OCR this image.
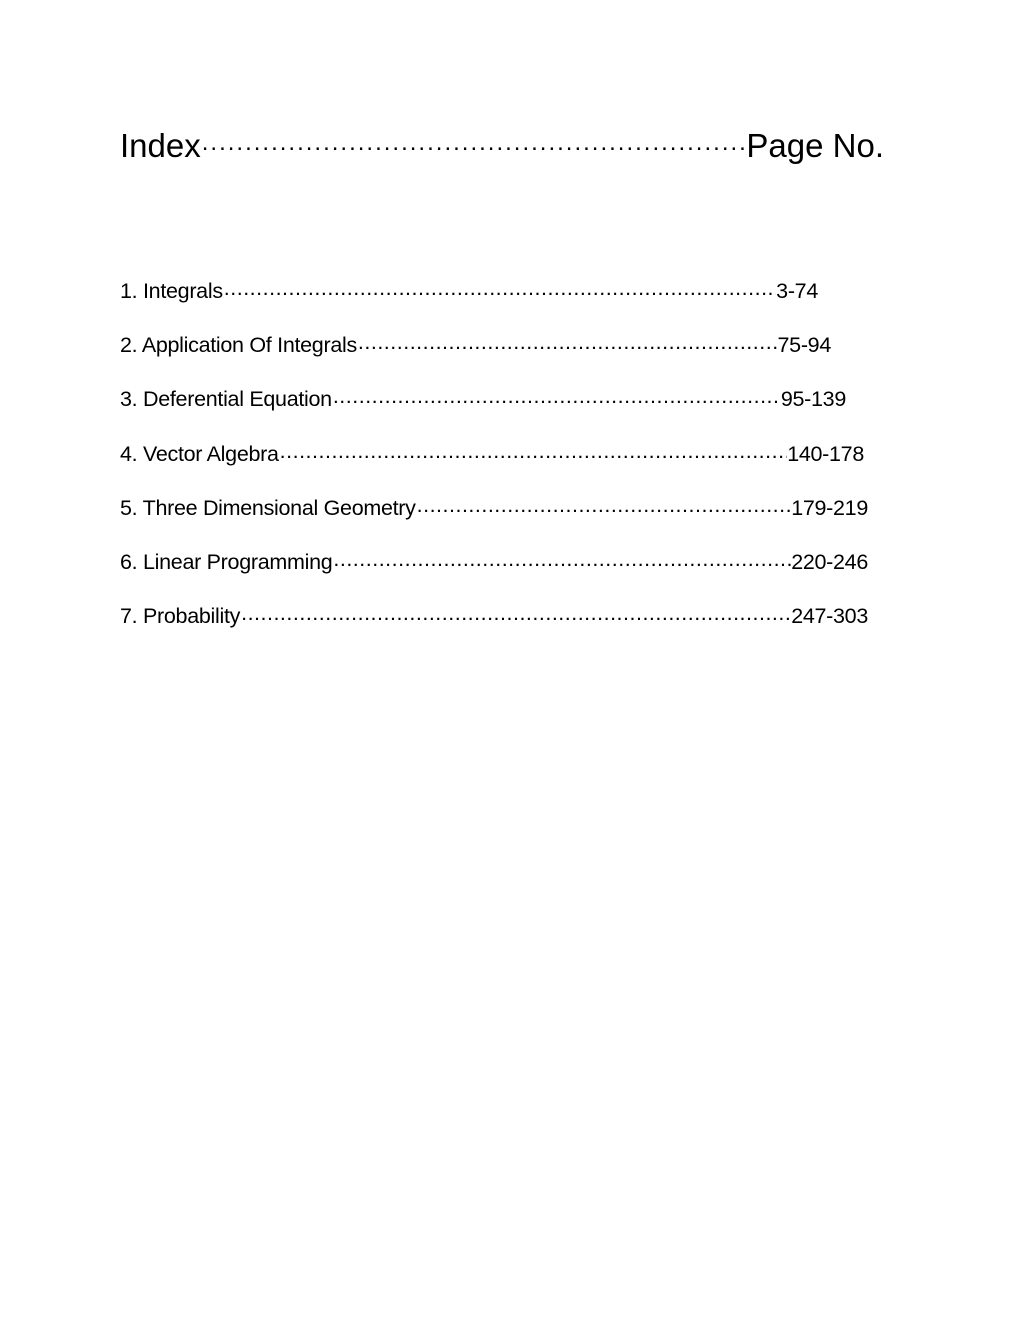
Index .....	Page No.
1. Integrals .....	3-74
2. Application Of Integrals .....	75-94
3. Deferential Equation .....	95-139
4. Vector Algebra .....	140-178
5. Three Dimensional Geometry .....	179-219
6. Linear Programming .....	220-246
7. Probability .....	247-303
